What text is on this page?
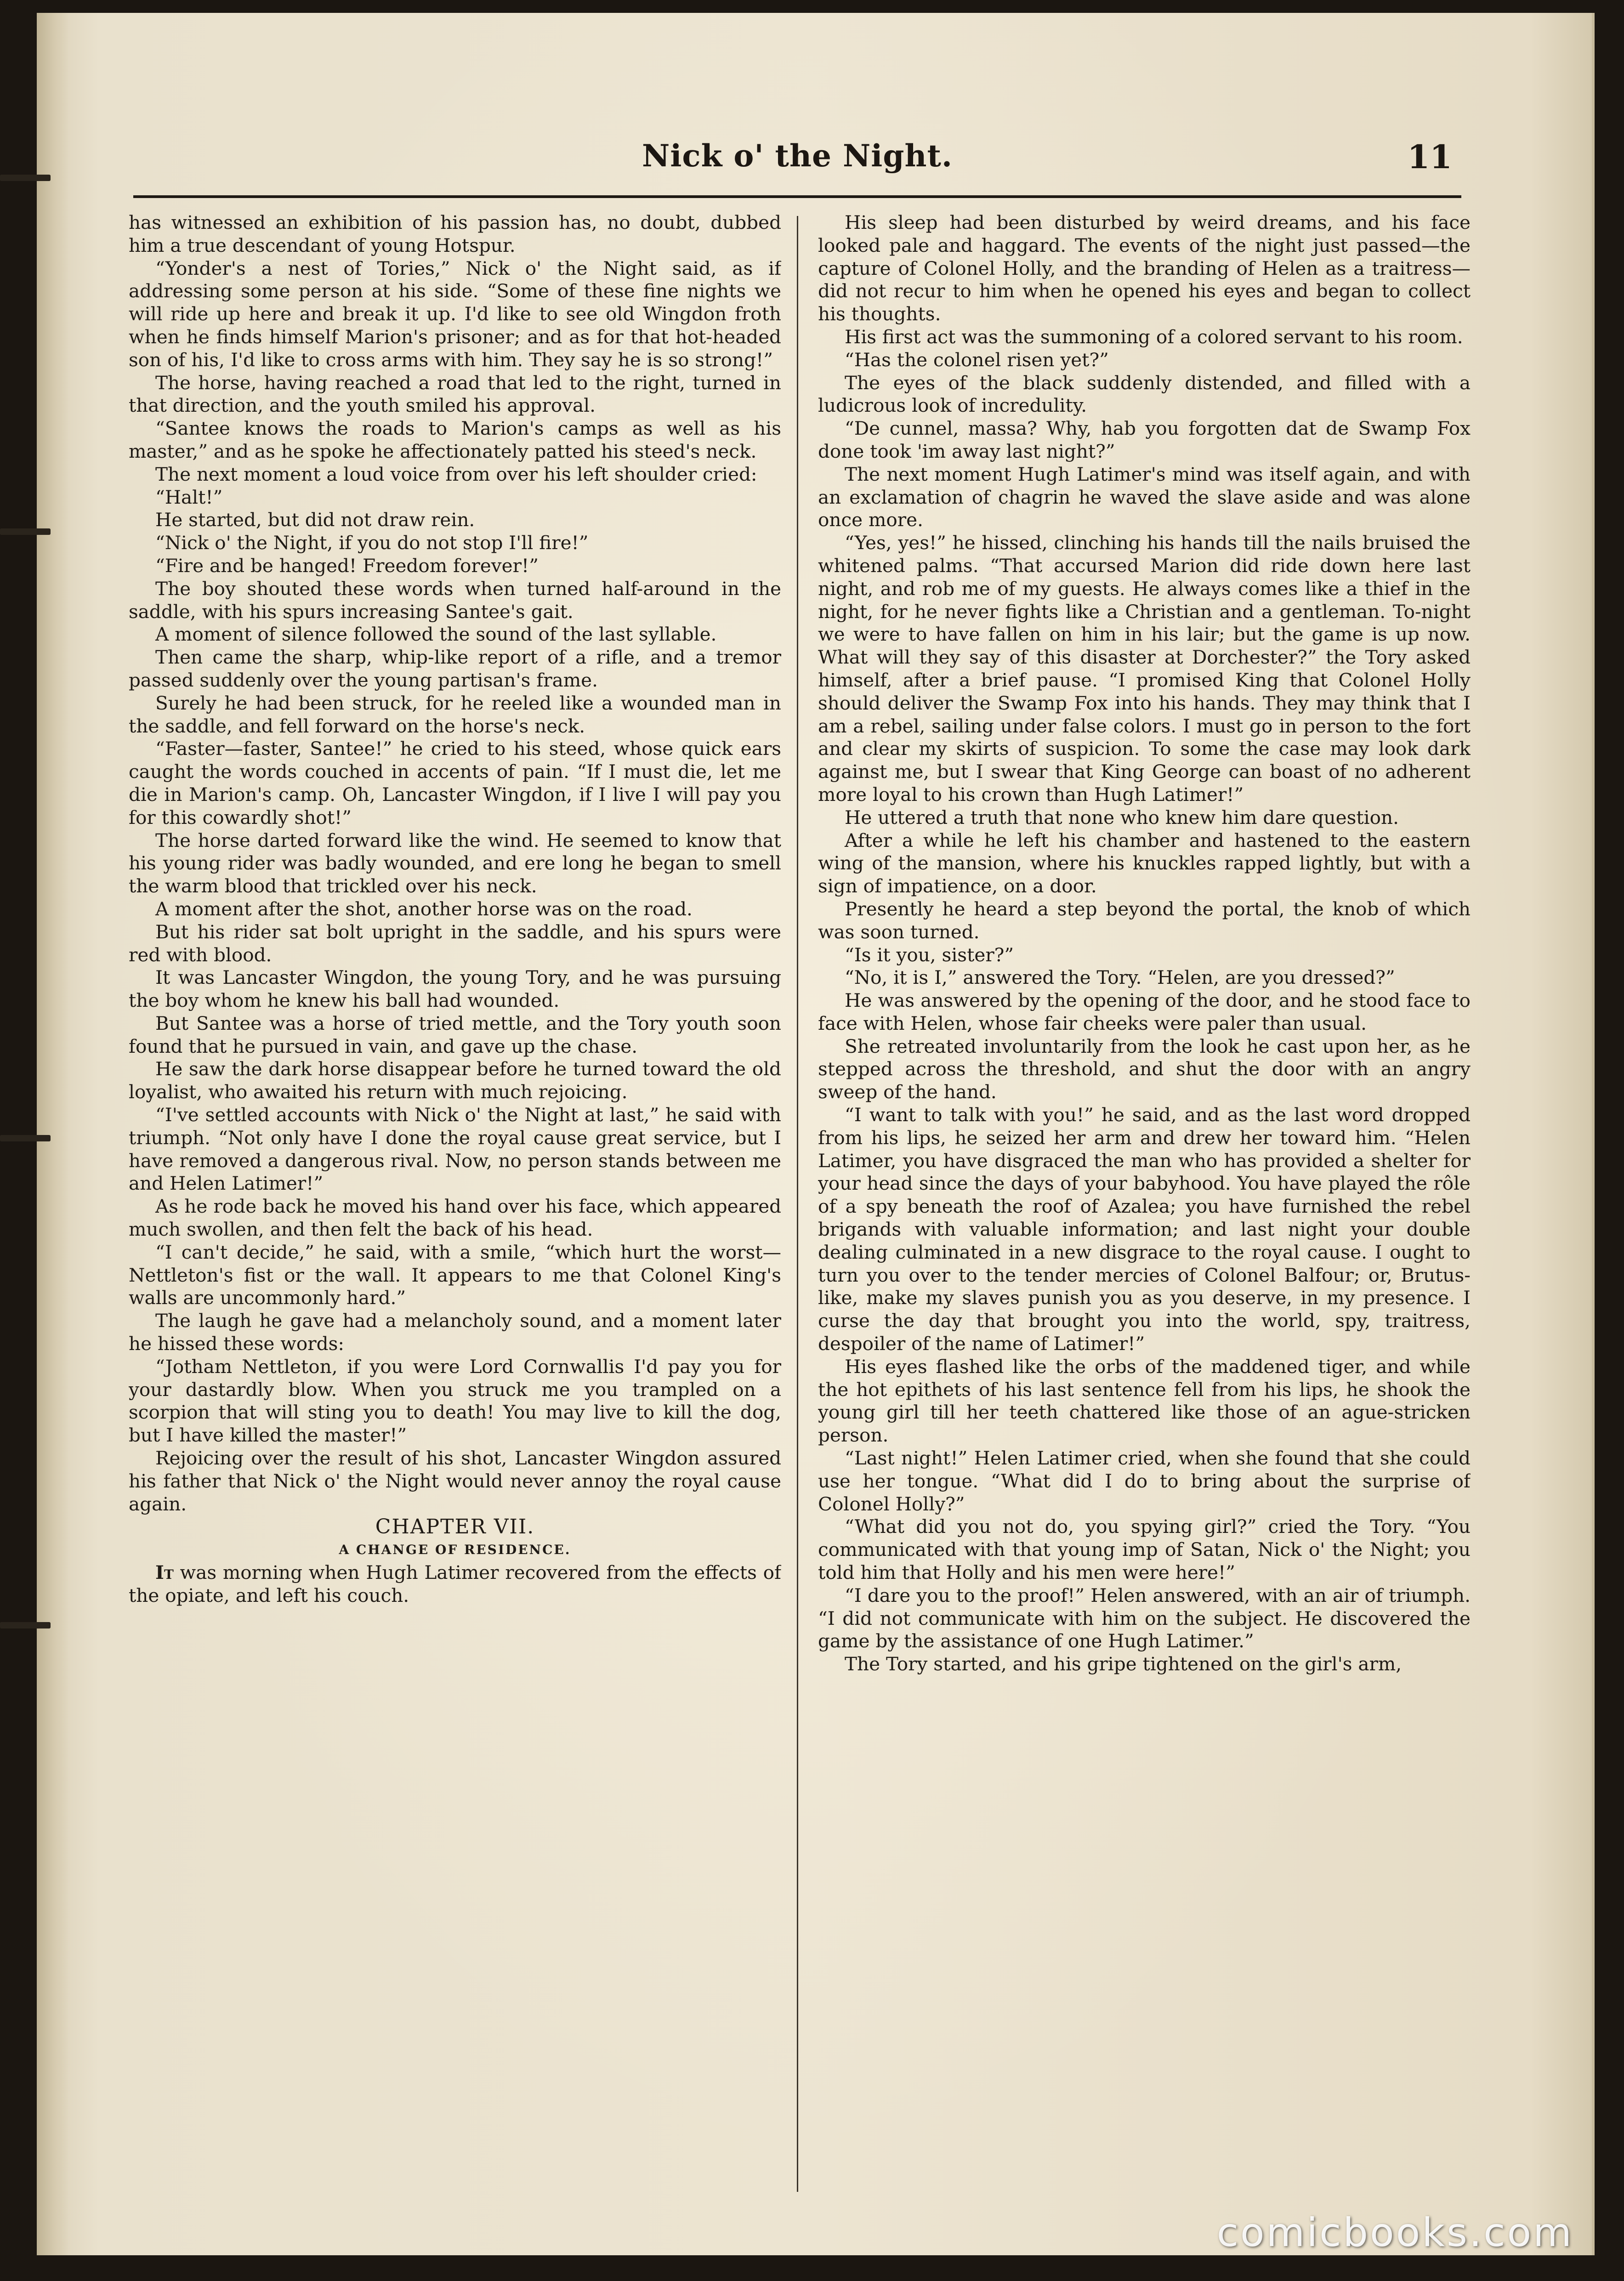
Nick o' the Night.	11

has witnessed an exhibition of his passion has, no doubt, dubbed him a true descendant of young Hotspur.

“Yonder's a nest of Tories,” Nick o' the Night said, as if addressing some person at his side. “Some of these fine nights we will ride up here and break it up. I'd like to see old Wingdon froth when he finds himself Marion's prisoner; and as for that hot-headed son of his, I'd like to cross arms with him. They say he is so strong!”

The horse, having reached a road that led to the right, turned in that direction, and the youth smiled his approval.

“Santee knows the roads to Marion's camps as well as his master,” and as he spoke he affectionately patted his steed's neck.

The next moment a loud voice from over his left shoulder cried:

“Halt!”

He started, but did not draw rein.

“Nick o' the Night, if you do not stop I'll fire!”

“Fire and be hanged! Freedom forever!”

The boy shouted these words when turned half-around in the saddle, with his spurs increasing Santee's gait.

A moment of silence followed the sound of the last syllable.

Then came the sharp, whip-like report of a rifle, and a tremor passed suddenly over the young partisan's frame.

Surely he had been struck, for he reeled like a wounded man in the saddle, and fell forward on the horse's neck.

“Faster—faster, Santee!” he cried to his steed, whose quick ears caught the words couched in accents of pain. “If I must die, let me die in Marion's camp. Oh, Lancaster Wingdon, if I live I will pay you for this cowardly shot!”

The horse darted forward like the wind. He seemed to know that his young rider was badly wounded, and ere long he began to smell the warm blood that trickled over his neck.

A moment after the shot, another horse was on the road.

But his rider sat bolt upright in the saddle, and his spurs were red with blood.

It was Lancaster Wingdon, the young Tory, and he was pursuing the boy whom he knew his ball had wounded.

But Santee was a horse of tried mettle, and the Tory youth soon found that he pursued in vain, and gave up the chase.

He saw the dark horse disappear before he turned toward the old loyalist, who awaited his return with much rejoicing.

“I've settled accounts with Nick o' the Night at last,” he said with triumph. “Not only have I done the royal cause great service, but I have removed a dangerous rival. Now, no person stands between me and Helen Latimer!”

As he rode back he moved his hand over his face, which appeared much swollen, and then felt the back of his head.

“I can't decide,” he said, with a smile, “which hurt the worst—Nettleton's fist or the wall. It appears to me that Colonel King's walls are uncommonly hard.”

The laugh he gave had a melancholy sound, and a moment later he hissed these words:

“Jotham Nettleton, if you were Lord Cornwallis I'd pay you for your dastardly blow. When you struck me you trampled on a scorpion that will sting you to death! You may live to kill the dog, but I have killed the master!”

Rejoicing over the result of his shot, Lancaster Wingdon assured his father that Nick o' the Night would never annoy the royal cause again.

CHAPTER VII.

A CHANGE OF RESIDENCE.

It was morning when Hugh Latimer recovered from the effects of the opiate, and left his couch.

His sleep had been disturbed by weird dreams, and his face looked pale and haggard. The events of the night just passed—the capture of Colonel Holly, and the branding of Helen as a traitress—did not recur to him when he opened his eyes and began to collect his thoughts.

His first act was the summoning of a colored servant to his room.

“Has the colonel risen yet?”

The eyes of the black suddenly distended, and filled with a ludicrous look of incredulity.

“De cunnel, massa? Why, hab you forgotten dat de Swamp Fox done took 'im away last night?”

The next moment Hugh Latimer's mind was itself again, and with an exclamation of chagrin he waved the slave aside and was alone once more.

“Yes, yes!” he hissed, clinching his hands till the nails bruised the whitened palms. “That accursed Marion did ride down here last night, and rob me of my guests. He always comes like a thief in the night, for he never fights like a Christian and a gentleman. To-night we were to have fallen on him in his lair; but the game is up now. What will they say of this disaster at Dorchester?” the Tory asked himself, after a brief pause. “I promised King that Colonel Holly should deliver the Swamp Fox into his hands. They may think that I am a rebel, sailing under false colors. I must go in person to the fort and clear my skirts of suspicion. To some the case may look dark against me, but I swear that King George can boast of no adherent more loyal to his crown than Hugh Latimer!”

He uttered a truth that none who knew him dare question.

After a while he left his chamber and hastened to the eastern wing of the mansion, where his knuckles rapped lightly, but with a sign of impatience, on a door.

Presently he heard a step beyond the portal, the knob of which was soon turned.

“Is it you, sister?”

“No, it is I,” answered the Tory. “Helen, are you dressed?”

He was answered by the opening of the door, and he stood face to face with Helen, whose fair cheeks were paler than usual.

She retreated involuntarily from the look he cast upon her, as he stepped across the threshold, and shut the door with an angry sweep of the hand.

“I want to talk with you!” he said, and as the last word dropped from his lips, he seized her arm and drew her toward him. “Helen Latimer, you have disgraced the man who has provided a shelter for your head since the days of your babyhood. You have played the rôle of a spy beneath the roof of Azalea; you have furnished the rebel brigands with valuable information; and last night your double dealing culminated in a new disgrace to the royal cause. I ought to turn you over to the tender mercies of Colonel Balfour; or, Brutus-like, make my slaves punish you as you deserve, in my presence. I curse the day that brought you into the world, spy, traitress, despoiler of the name of Latimer!”

His eyes flashed like the orbs of the maddened tiger, and while the hot epithets of his last sentence fell from his lips, he shook the young girl till her teeth chattered like those of an ague-stricken person.

“Last night!” Helen Latimer cried, when she found that she could use her tongue. “What did I do to bring about the surprise of Colonel Holly?”

“What did you not do, you spying girl?” cried the Tory. “You communicated with that young imp of Satan, Nick o' the Night; you told him that Holly and his men were here!”

“I dare you to the proof!” Helen answered, with an air of triumph. “I did not communicate with him on the subject. He discovered the game by the assistance of one Hugh Latimer.”

The Tory started, and his gripe tightened on the girl's arm,

comicbooks.com
